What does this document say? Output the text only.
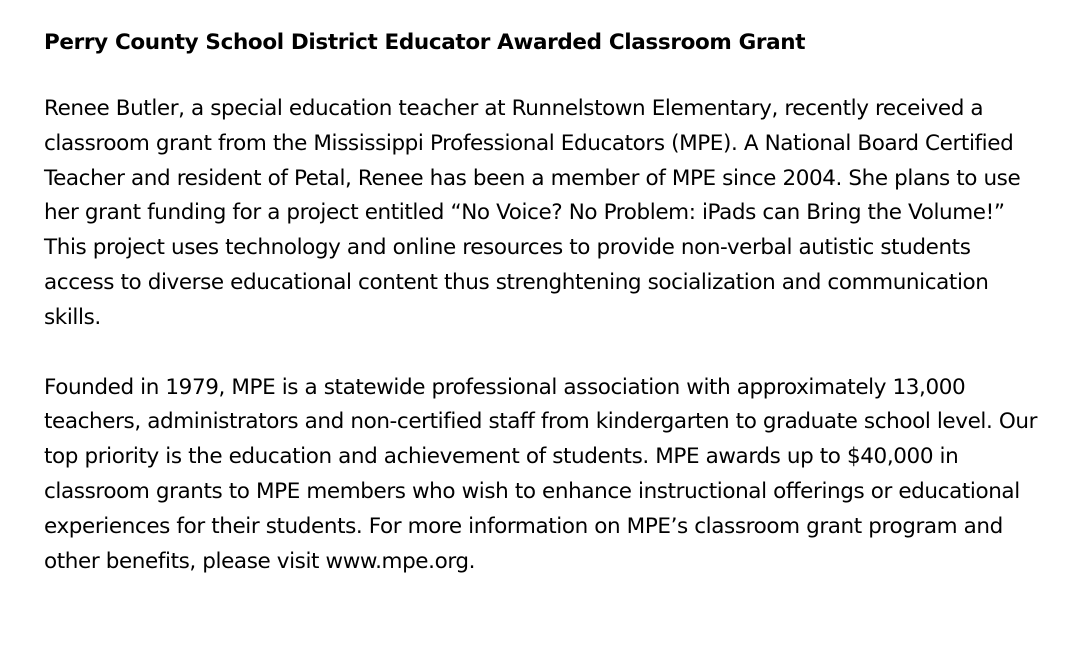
Perry County School District Educator Awarded Classroom Grant

Renee Butler, a special education teacher at Runnelstown Elementary, recently received a
classroom grant from the Mississippi Professional Educators (MPE). A National Board Certified
Teacher and resident of Petal, Renee has been a member of MPE since 2004. She plans to use
her grant funding for a project entitled “No Voice? No Problem: iPads can Bring the Volume!”
This project uses technology and online resources to provide non-verbal autistic students
access to diverse educational content thus strenghtening socialization and communication
skills.

Founded in 1979, MPE is a statewide professional association with approximately 13,000
teachers, administrators and non-certified staff from kindergarten to graduate school level. Our
top priority is the education and achievement of students. MPE awards up to $40,000 in
classroom grants to MPE members who wish to enhance instructional offerings or educational
experiences for their students. For more information on MPE’s classroom grant program and
other benefits, please visit www.mpe.org.
